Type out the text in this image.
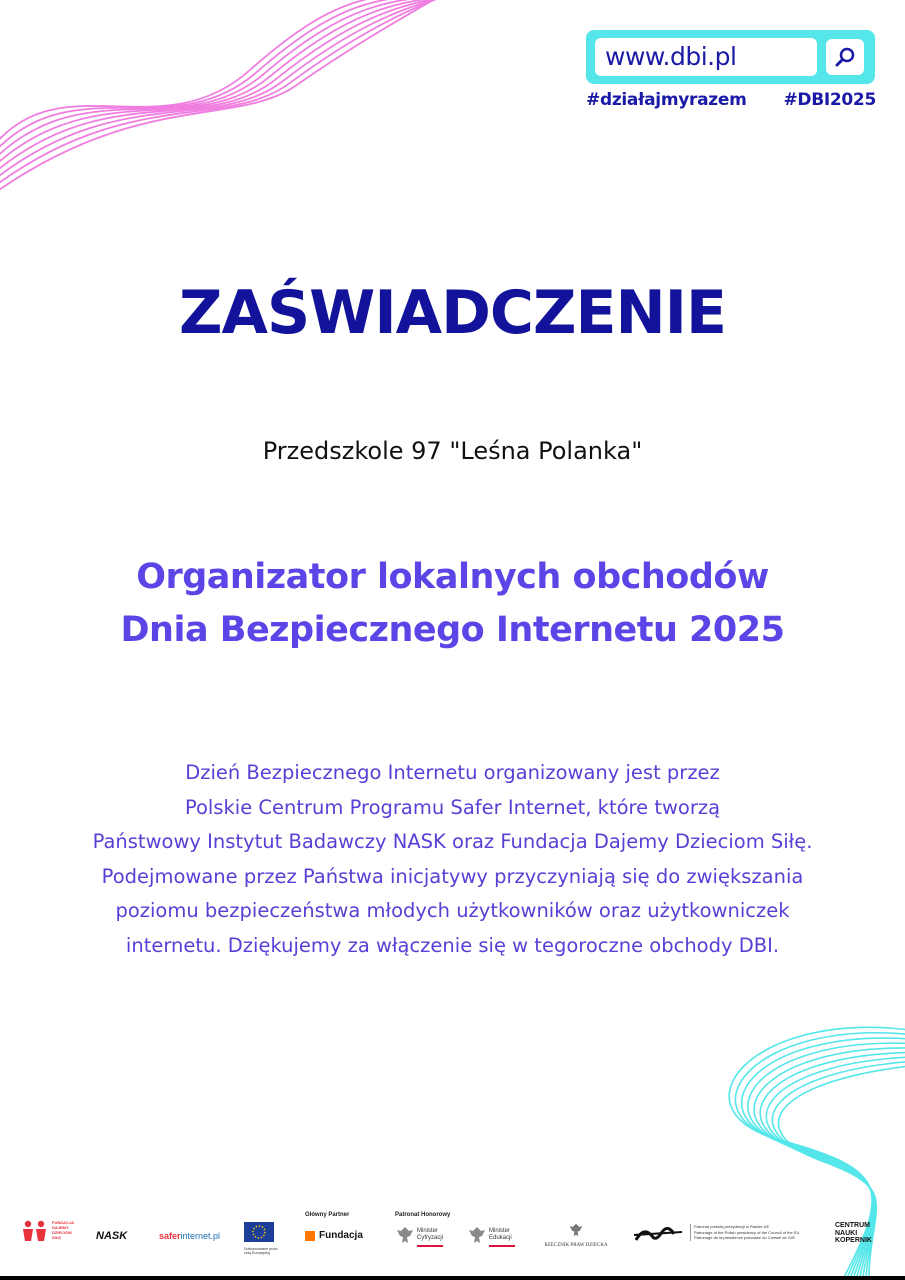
www.dbi.pl
#działajmyrazem #DBI2025
ZAŚWIADCZENIE
Przedszkole 97 "Leśna Polanka"
Organizator lokalnych obchodów
Dnia Bezpiecznego Internetu 2025
Dzień Bezpiecznego Internetu organizowany jest przez
Polskie Centrum Programu Safer Internet, które tworzą
Państwowy Instytut Badawczy NASK oraz Fundacja Dajemy Dzieciom Siłę.
Podejmowane przez Państwa inicjatywy przyczyniają się do zwiększania
poziomu bezpieczeństwa młodych użytkowników oraz użytkowniczek
internetu. Dziękujemy za włączenie się w tegoroczne obchody DBI.
FUNDACJA
DAJEMY
DZIECIOM
SIŁĘ	NASK	saferinternet.pl
Dofinansowane przez
Unię Europejską
Główny Partner
Fundacja
Patronat Honorowy
Minister
Cyfryzacji
Minister
Edukacji
RZECZNIK PRAW DZIECKA
Patronat polskiej prezydencji w Radzie UE
Patronage of the Polish presidency of the Council of the EU
Patronage de la présidence polonaise du Conseil de l'UE
CENTRUM
NAUKI
KOPERNIK
